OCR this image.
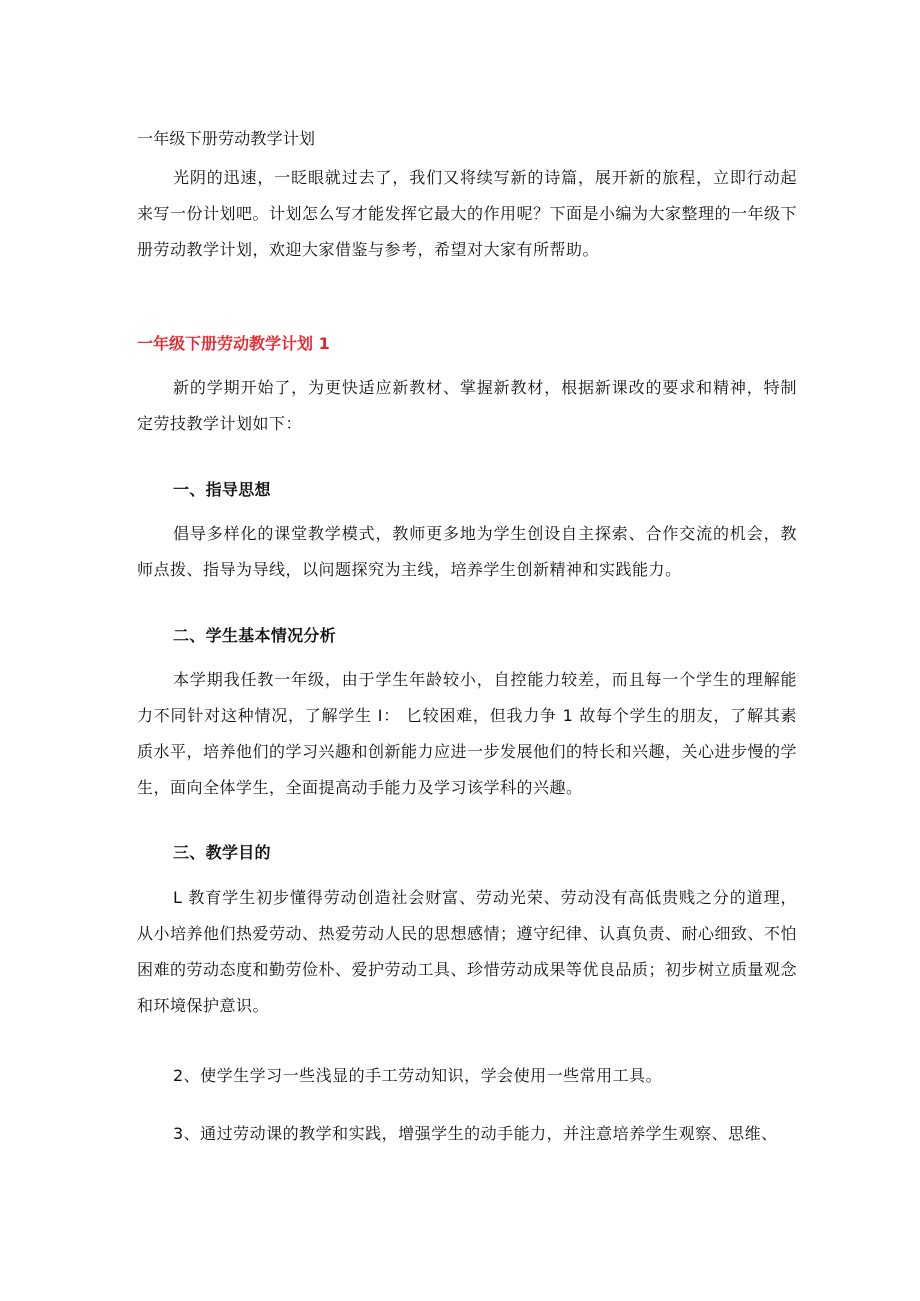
一年级下册劳动教学计划

光阴的迅速，一眨眼就过去了，我们又将续写新的诗篇，展开新的旅程，立即行动起来写一份计划吧。计划怎么写才能发挥它最大的作用呢？下面是小编为大家整理的一年级下册劳动教学计划，欢迎大家借鉴与参考，希望对大家有所帮助。

一年级下册劳动教学计划 1

新的学期开始了，为更快适应新教材、掌握新教材，根据新课改的要求和精神，特制定劳技教学计划如下：

一、指导思想

倡导多样化的课堂教学模式，教师更多地为学生创设自主探索、合作交流的机会，教师点拨、指导为导线，以问题探究为主线，培养学生创新精神和实践能力。

二、学生基本情况分析

本学期我任教一年级，由于学生年龄较小，自控能力较差，而且每一个学生的理解能力不同针对这种情况，了解学生 I： 匕较困难，但我力争 1 故每个学生的朋友，了解其素质水平，培养他们的学习兴趣和创新能力应进一步发展他们的特长和兴趣，关心进步慢的学生，面向全体学生，全面提高动手能力及学习该学科的兴趣。

三、教学目的

L 教育学生初步懂得劳动创造社会财富、劳动光荣、劳动没有高低贵贱之分的道理，从小培养他们热爱劳动、热爱劳动人民的思想感情；遵守纪律、认真负责、耐心细致、不怕困难的劳动态度和勤劳俭朴、爱护劳动工具、珍惜劳动成果等优良品质；初步树立质量观念和环境保护意识。

2、使学生学习一些浅显的手工劳动知识，学会使用一些常用工具。

3、通过劳动课的教学和实践，增强学生的动手能力，并注意培养学生观察、思维、
